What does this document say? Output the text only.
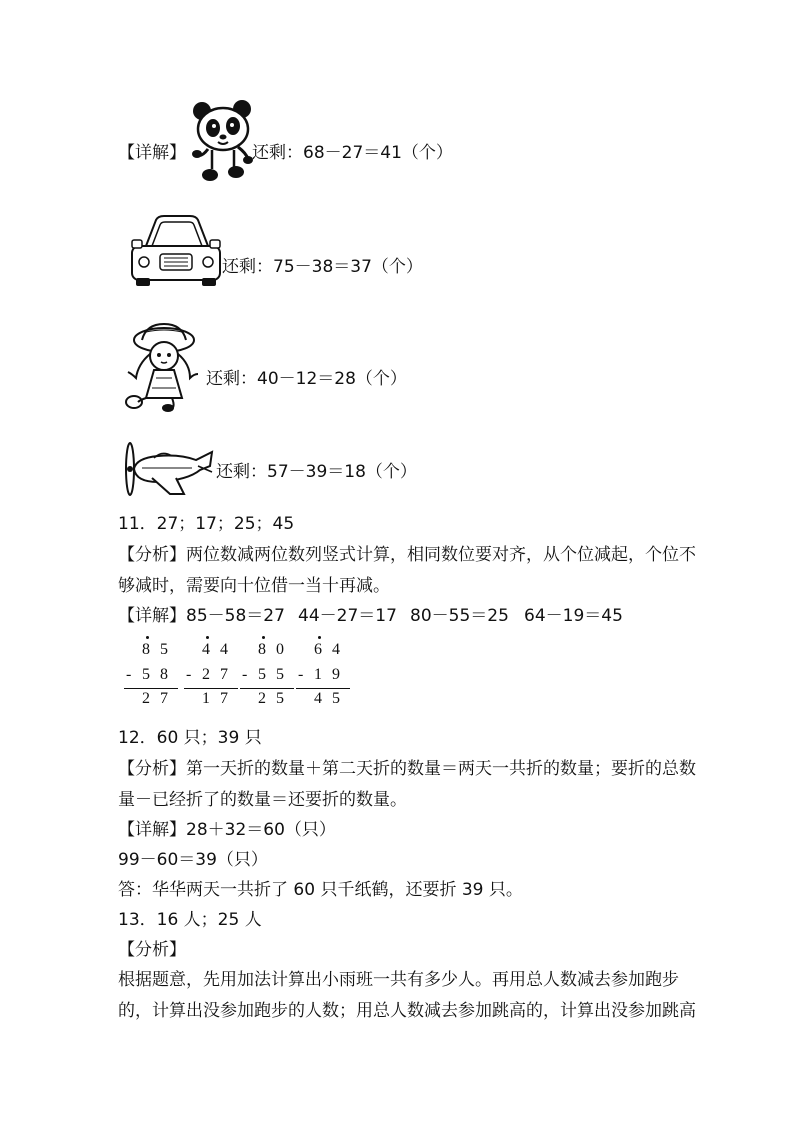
【详解】	还剩：68－27＝41（个）
还剩：75－38＝37（个）
还剩：40－12＝28（个）
还剩：57－39＝18（个）
11．27；17；25；45
【分析】两位数减两位数列竖式计算，相同数位要对齐，从个位减起，个位不
够减时，需要向十位借一当十再减。
【详解】 85－58＝27 44－27＝17 80－55＝25 64－19＝45
8 5
- 5 8
2 7
4 4
- 2 7
1 7
8 0
- 5 5
2 5
6 4
- 1 9
4 5
12．60 只；39 只
【分析】第一天折的数量＋第二天折的数量＝两天一共折的数量；要折的总数
量－已经折了的数量＝还要折的数量。
【详解】28＋32＝60（只）
99－60＝39（只）
答：华华两天一共折了 60 只千纸鹤，还要折 39 只。
13．16 人；25 人
【分析】
根据题意，先用加法计算出小雨班一共有多少人。再用总人数减去参加跑步
的，计算出没参加跑步的人数；用总人数减去参加跳高的，计算出没参加跳高
